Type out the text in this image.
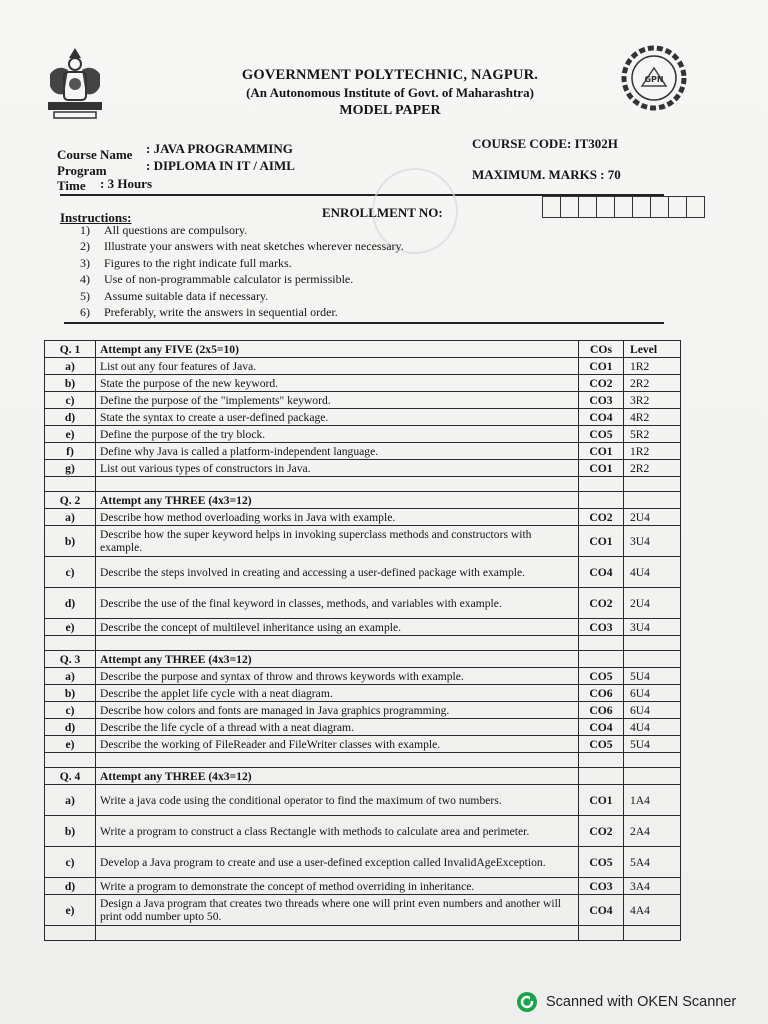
GPN
GOVERNMENT POLYTECHNIC, NAGPUR.
(An Autonomous Institute of Govt. of Maharashtra)
MODEL PAPER
Course Name : JAVA PROGRAMMING
Program	: DIPLOMA IN IT / AIML
Time : 3 Hours
COURSE CODE: IT302H
MAXIMUM. MARKS : 70
Instructions:	ENROLLMENT NO:
1) All questions are compulsory.
2) Illustrate your answers with neat sketches wherever necessary.
3) Figures to the right indicate full marks.
4) Use of non-programmable calculator is permissible.
5) Assume suitable data if necessary.
6) Preferably, write the answers in sequential order.
Q. 1	Attempt any FIVE (2x5=10)	COs	Level
a)	List out any four features of Java.	CO1	1R2
b)	State the purpose of the new keyword.	CO2	2R2
c)	Define the purpose of the "implements" keyword.	CO3	3R2
d)	State the syntax to create a user-defined package.	CO4	4R2
e)	Define the purpose of the try block.	CO5	5R2
f)	Define why Java is called a platform-independent language.	CO1	1R2
g)	List out various types of constructors in Java.	CO1	2R2

Q. 2	Attempt any THREE (4x3=12)		
a)	Describe how method overloading works in Java with example.	CO2	2U4
b)	Describe how the super keyword helps in invoking superclass methods and constructors with example.	CO1	3U4
c)	Describe the steps involved in creating and accessing a user-defined package with example.	CO4	4U4
d)	Describe the use of the final keyword in classes, methods, and variables with example.	CO2	2U4
e)	Describe the concept of multilevel inheritance using an example.	CO3	3U4

Q. 3	Attempt any THREE (4x3=12)		
a)	Describe the purpose and syntax of throw and throws keywords with example.	CO5	5U4
b)	Describe the applet life cycle with a neat diagram.	CO6	6U4
c)	Describe how colors and fonts are managed in Java graphics programming.	CO6	6U4
d)	Describe the life cycle of a thread with a neat diagram.	CO4	4U4
e)	Describe the working of FileReader and FileWriter classes with example.	CO5	5U4

Q. 4	Attempt any THREE (4x3=12)		
a)	Write a java code using the conditional operator to find the maximum of two numbers.	CO1	1A4
b)	Write a program to construct a class Rectangle with methods to calculate area and perimeter.	CO2	2A4
c)	Develop a Java program to create and use a user-defined exception called InvalidAgeException.	CO5	5A4
d)	Write a program to demonstrate the concept of method overriding in inheritance.	CO3	3A4
e)	Design a Java program that creates two threads where one will print even numbers and another will print odd number upto 50.	CO4	4A4

Scanned with OKEN Scanner
